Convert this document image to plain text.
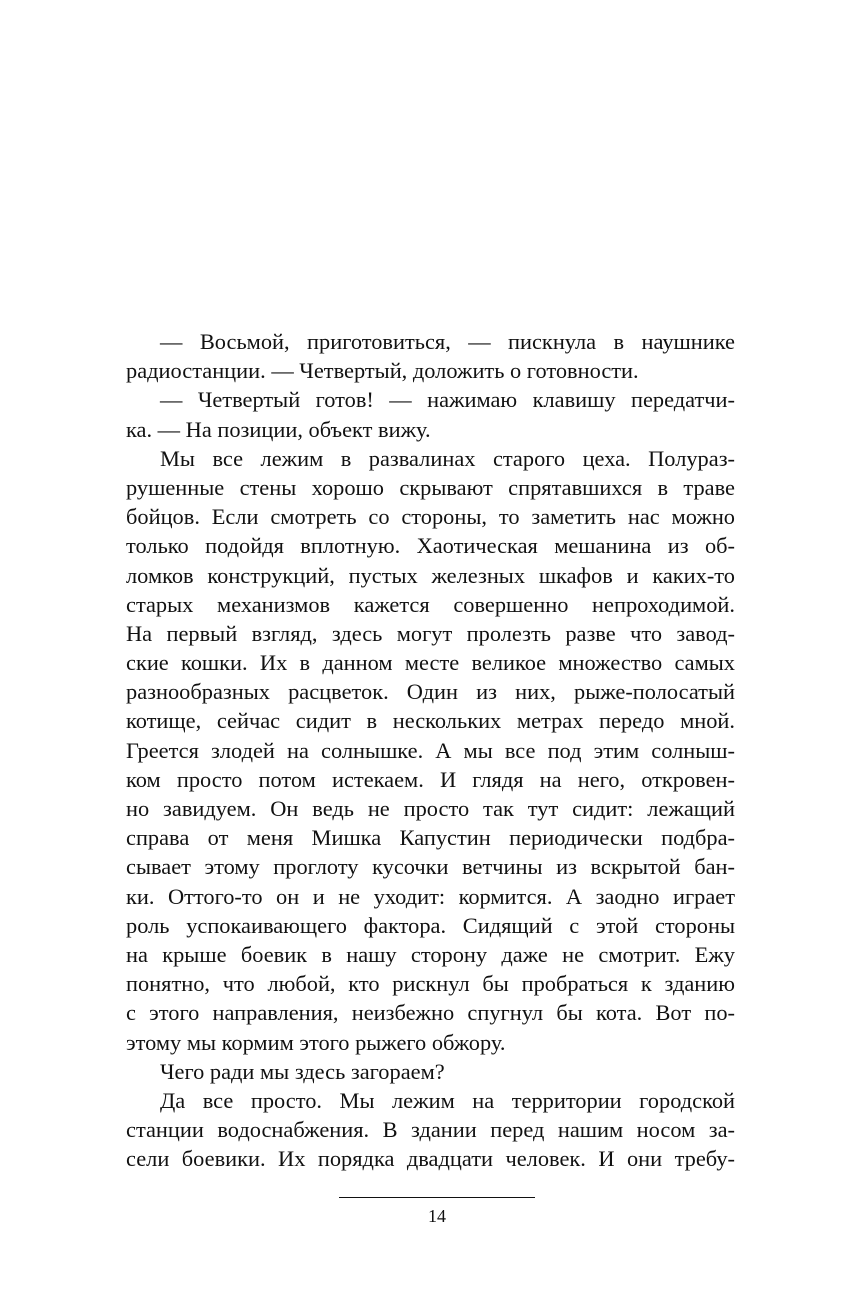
— Восьмой, приготовиться, — пискнула в наушнике
радиостанции. — Четвертый, доложить о готовности.
— Четвертый готов! — нажимаю клавишу передатчи-
ка. — На позиции, объект вижу.
Мы все лежим в развалинах старого цеха. Полураз-
рушенные стены хорошо скрывают спрятавшихся в траве
бойцов. Если смотреть со стороны, то заметить нас можно
только подойдя вплотную. Хаотическая мешанина из об-
ломков конструкций, пустых железных шкафов и каких-то
старых механизмов кажется совершенно непроходимой.
На первый взгляд, здесь могут пролезть разве что завод-
ские кошки. Их в данном месте великое множество самых
разнообразных расцветок. Один из них, рыже-полосатый
котище, сейчас сидит в нескольких метрах передо мной.
Греется злодей на солнышке. А мы все под этим солныш-
ком просто потом истекаем. И глядя на него, откровен-
но завидуем. Он ведь не просто так тут сидит: лежащий
справа от меня Мишка Капустин периодически подбра-
сывает этому проглоту кусочки ветчины из вскрытой бан-
ки. Оттого-то он и не уходит: кормится. А заодно играет
роль успокаивающего фактора. Сидящий с этой стороны
на крыше боевик в нашу сторону даже не смотрит. Ежу
понятно, что любой, кто рискнул бы пробраться к зданию
с этого направления, неизбежно спугнул бы кота. Вот по-
этому мы кормим этого рыжего обжору.
Чего ради мы здесь загораем?
Да все просто. Мы лежим на территории городской
станции водоснабжения. В здании перед нашим носом за-
сели боевики. Их порядка двадцати человек. И они требу-
14
